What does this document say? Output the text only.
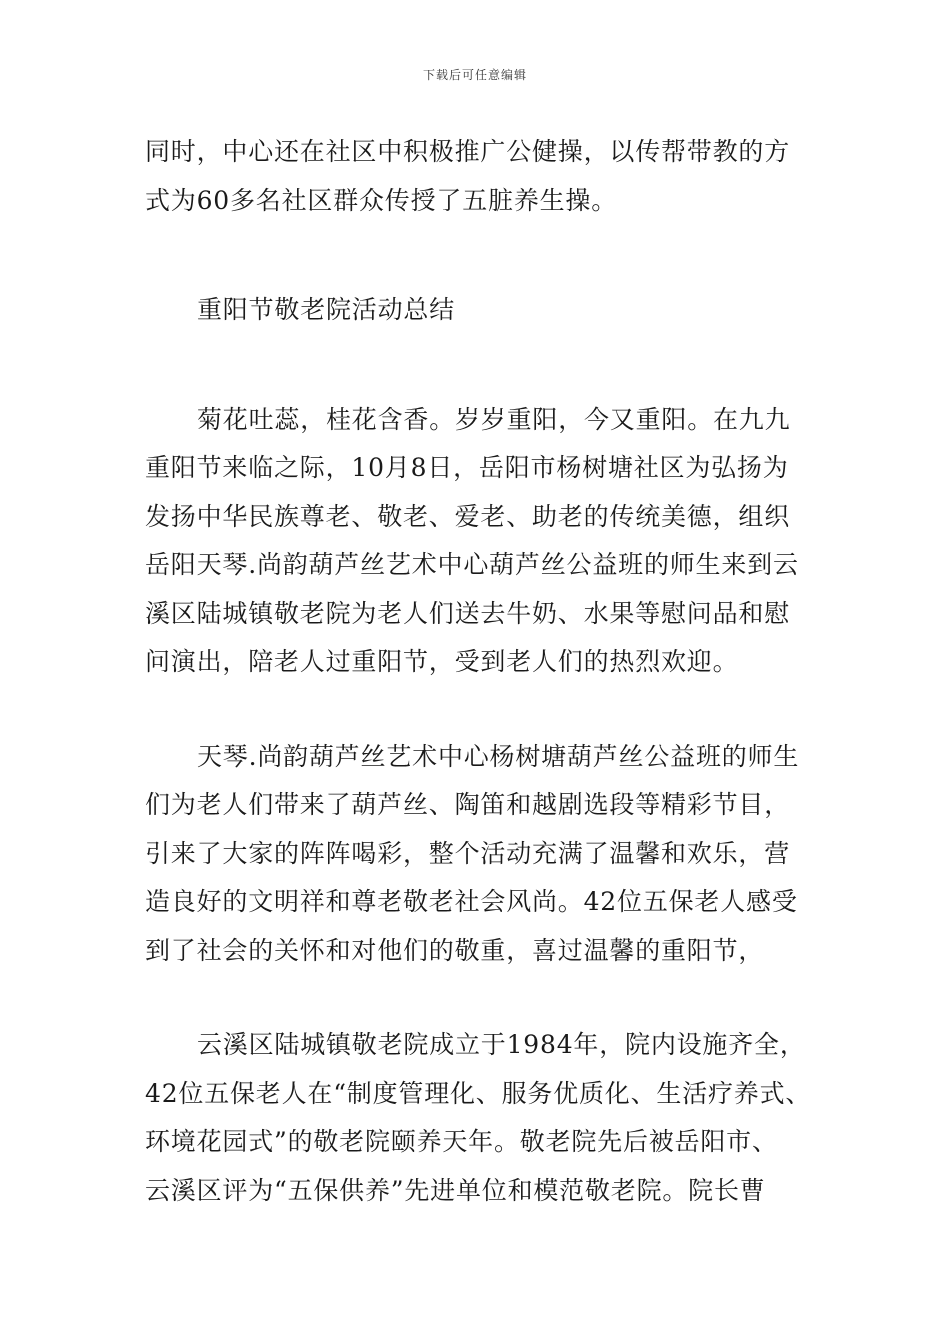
下载后可任意编辑

同时，中心还在社区中积极推广公健操，以传帮带教的方
式为60多名社区群众传授了五脏养生操。

重阳节敬老院活动总结

菊花吐蕊，桂花含香。岁岁重阳，今又重阳。在九九
重阳节来临之际，10月8日，岳阳市杨树塘社区为弘扬为
发扬中华民族尊老、敬老、爱老、助老的传统美德，组织
岳阳天琴.尚韵葫芦丝艺术中心葫芦丝公益班的师生来到云
溪区陆城镇敬老院为老人们送去牛奶、水果等慰问品和慰
问演出，陪老人过重阳节，受到老人们的热烈欢迎。

天琴.尚韵葫芦丝艺术中心杨树塘葫芦丝公益班的师生
们为老人们带来了葫芦丝、陶笛和越剧选段等精彩节目，
引来了大家的阵阵喝彩，整个活动充满了温馨和欢乐，营
造良好的文明祥和尊老敬老社会风尚。42位五保老人感受
到了社会的关怀和对他们的敬重，喜过温馨的重阳节，

云溪区陆城镇敬老院成立于1984年，院内设施齐全，
42位五保老人在“制度管理化、服务优质化、生活疗养式、
环境花园式”的敬老院颐养天年。敬老院先后被岳阳市、
云溪区评为“五保供养”先进单位和模范敬老院。院长曹
